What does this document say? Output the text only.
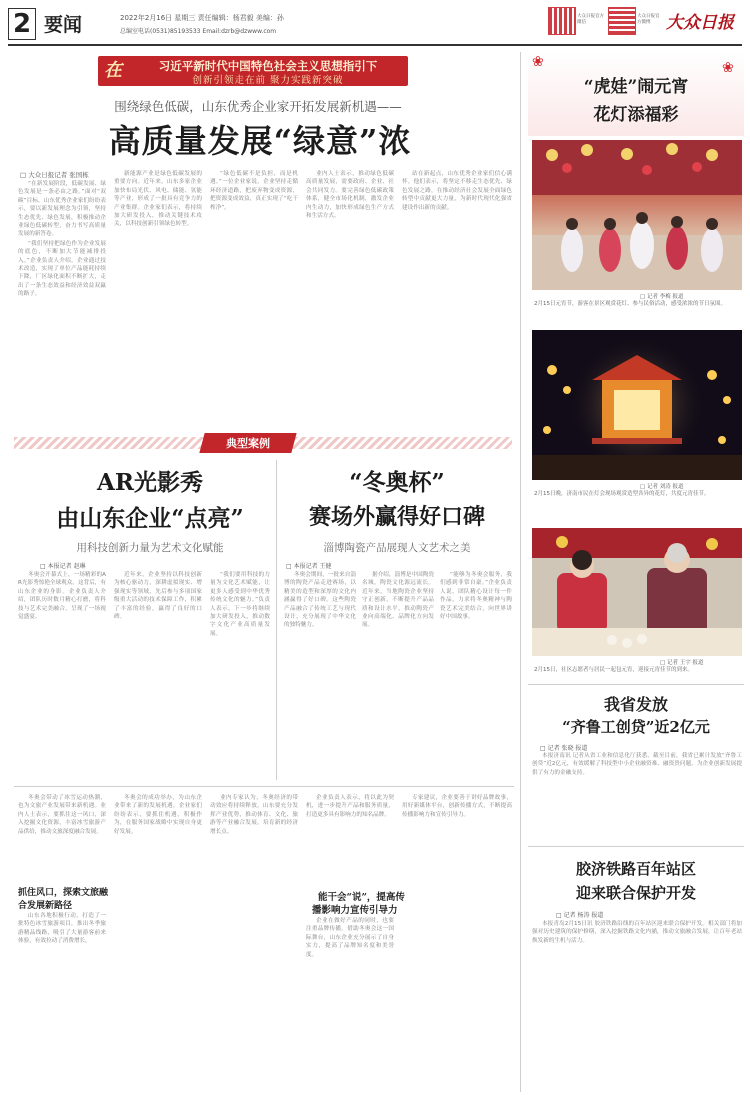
2 要闻	2022年2月16日 星期三 责任编辑：杨君毅 美编：孙
总编室电话(0531)85193533 Email:dzrb@dzwww.com
大众日报官方微信
大众日报官方微博 大众日报
在	习近平新时代中国特色社会主义思想指引下
创新引领走在前 聚力实践新突破
围绕绿色低碳，山东优秀企业家开拓发展新机遇——
高质量发展“绿意”浓
□ 大众日报记者 张国栋

“在新发展阶段，低碳发展、绿色发展是一条必由之路。”面对“双碳”目标，山东优秀企业家们纷纷表示，要以新发展理念为引领，坚持生态优先、绿色发展，积极推动企业绿色低碳转型，奋力书写高质量发展的新答卷。

“我们坚持把绿色作为企业发展的底色，不断加大节能减排投入。”企业负责人介绍，企业通过技术改造，实现了单位产品能耗持续下降，厂区绿化面积不断扩大，走出了一条生态效益和经济效益双赢的路子。

新能源产业是绿色低碳发展的重要方向。近年来，山东多家企业加快布局光伏、风电、储能、氢能等产业，形成了一批具有竞争力的产业集群。企业家们表示，将持续加大研发投入，推动关键技术攻关，以科技创新引领绿色转型。

“绿色低碳不是负担，而是机遇。”一位企业家说，企业坚持走循环经济道路，把废弃物变成资源，把资源变成效益，真正实现了“吃干榨净”。

业内人士表示，推动绿色低碳高质量发展，需要政府、企业、社会共同发力。要完善绿色低碳政策体系，健全市场化机制，激发企业内生动力，加快形成绿色生产方式和生活方式。

站在新起点，山东优秀企业家们信心满怀。他们表示，将坚定不移走生态优先、绿色发展之路，在推动经济社会发展全面绿色转型中贡献更大力量，为新时代现代化强省建设作出新的贡献。

典型案例
AR光影秀
由山东企业“点亮”
用科技创新力量为艺术文化赋能
□ 本报记者 赵琳

冬奥会开幕式上，一场精彩的AR光影秀惊艳全球观众。这背后，有山东企业的身影。企业负责人介绍，团队历时数月精心打磨，将科技与艺术完美融合，呈现了一场视觉盛宴。

近年来，企业坚持以科技创新为核心驱动力，深耕虚拟现实、增强现实等领域，先后参与多项国家级重大活动的技术保障工作，积累了丰富的经验，赢得了良好的口碑。

“我们要用科技的力量为文化艺术赋能，让更多人感受到中华优秀传统文化的魅力。”负责人表示，下一步将继续加大研发投入，推动数字文化产业高质量发展。

“冬奥杯”
赛场外赢得好口碑
淄博陶瓷产品展现人文艺术之美
□ 本报记者 王健

冬奥会期间，一批来自淄博的陶瓷产品走进赛场，以精美的造型和深厚的文化内涵赢得了好口碑。这些陶瓷产品融合了传统工艺与现代设计，充分展现了中华文化的独特魅力。

据介绍，淄博是中国陶瓷名城，陶瓷文化源远流长。近年来，当地陶瓷企业坚持守正创新，不断提升产品品质和设计水平，推动陶瓷产业向高端化、品牌化方向发展。

“能够为冬奥会服务，我们感到非常自豪。”企业负责人说，团队精心设计每一件作品，力求将冬奥精神与陶瓷艺术完美结合，向世界讲好中国故事。

冬奥会带动了冰雪运动热潮，也为文旅产业发展带来新机遇。业内人士表示，要抓住这一风口，深入挖掘文化资源，丰富冰雪旅游产品供给，推动文旅深度融合发展。

抓住风口，探索文旅融
合发展新路径

山东各地积极行动，打造了一批特色冰雪旅游项目，推出冬季旅游精品线路，吸引了大量游客前来体验，有效拉动了消费增长。

冬奥会的成功举办，为山东企业带来了新的发展机遇。企业家们纷纷表示，要抓住机遇，积极作为，在服务国家战略中实现自身更好发展。

业内专家认为，冬奥经济的带动效应将持续释放。山东要充分发挥产业优势，推动体育、文化、旅游等产业融合发展，培育新的经济增长点。

企业负责人表示，将以此为契机，进一步提升产品和服务质量，打造更多具有影响力的知名品牌。

能干会“说”，提高传
播影响力宣传引导力

企业在做好产品的同时，也要注重品牌传播。借助冬奥会这一国际舞台，山东企业充分展示了自身实力，提高了品牌知名度和美誉度。

专家建议，企业要善于讲好品牌故事，用好新媒体平台，创新传播方式，不断提高传播影响力和宣传引导力。

❀	❀
“虎娃”闹元宵
花灯添福彩
□ 记者 李梅 报道
2月15日元宵节，游客在景区观赏花灯、参与民俗活动，感受浓浓的节日氛围。
□ 记者 刘涛 报道
2月15日晚，济南市民在灯会现场观赏造型各异的花灯，共度元宵佳节。
□ 记者 王宇 报道
2月15日，社区志愿者与居民一起包元宵，迎接元宵佳节的到来。
我省发放
“齐鲁工创贷”近2亿元
□ 记者 张晓 报道

本报济南讯 记者从省工业和信息化厅获悉，截至目前，我省已累计发放“齐鲁工创贷”近2亿元，有效缓解了科技型中小企业融资难、融资贵问题，为企业创新发展提供了有力的金融支持。

胶济铁路百年站区
迎来联合保护开发
□ 记者 杨涛 报道

本报青岛2月15日讯 胶济铁路沿线的百年站区迎来联合保护开发。相关部门将加强对历史建筑的保护修缮，深入挖掘铁路文化内涵，推动文旅融合发展，让百年老站焕发新的生机与活力。
